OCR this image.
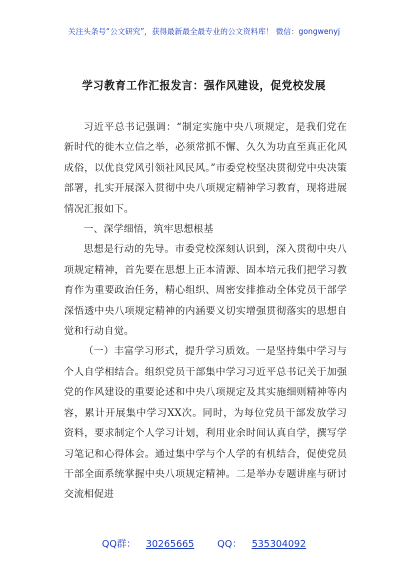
关注头条号“公文研究”，获得最新最全最专业的公文资料库！ 微信：gongwenyj
学习教育工作汇报发言：强作风建设，促党校发展

习近平总书记强调：“制定实施中央八项规定，是我们党在新时代的徙木立信之举，必须常抓不懈、久久为功直至真正化风成俗，以优良党风引领社风民风。”市委党校坚决贯彻党中央决策部署，扎实开展深入贯彻中央八项规定精神学习教育，现将进展情况汇报如下。

一、深学细悟，筑牢思想根基

思想是行动的先导。市委党校深刻认识到，深入贯彻中央八项规定精神，首先要在思想上正本清源、固本培元我们把学习教育作为重要政治任务，精心组织、周密安排推动全体党员干部学深悟透中央八项规定精神的内涵要义切实增强贯彻落实的思想自觉和行动自觉。

（一）丰富学习形式，提升学习质效。一是坚持集中学习与个人自学相结合。组织党员干部集中学习习近平总书记关于加强党的作风建设的重要论述和中央八项规定及其实施细则精神等内容，累计开展集中学习XX次。同时，为每位党员干部发放学习资料，要求制定个人学习计划，利用业余时间认真自学，撰写学习笔记和心得体会。通过集中学与个人学的有机结合，促使党员干部全面系统掌握中央八项规定精神。二是举办专题讲座与研讨交流相促进

QQ群： 30265665 QQ： 535304092
